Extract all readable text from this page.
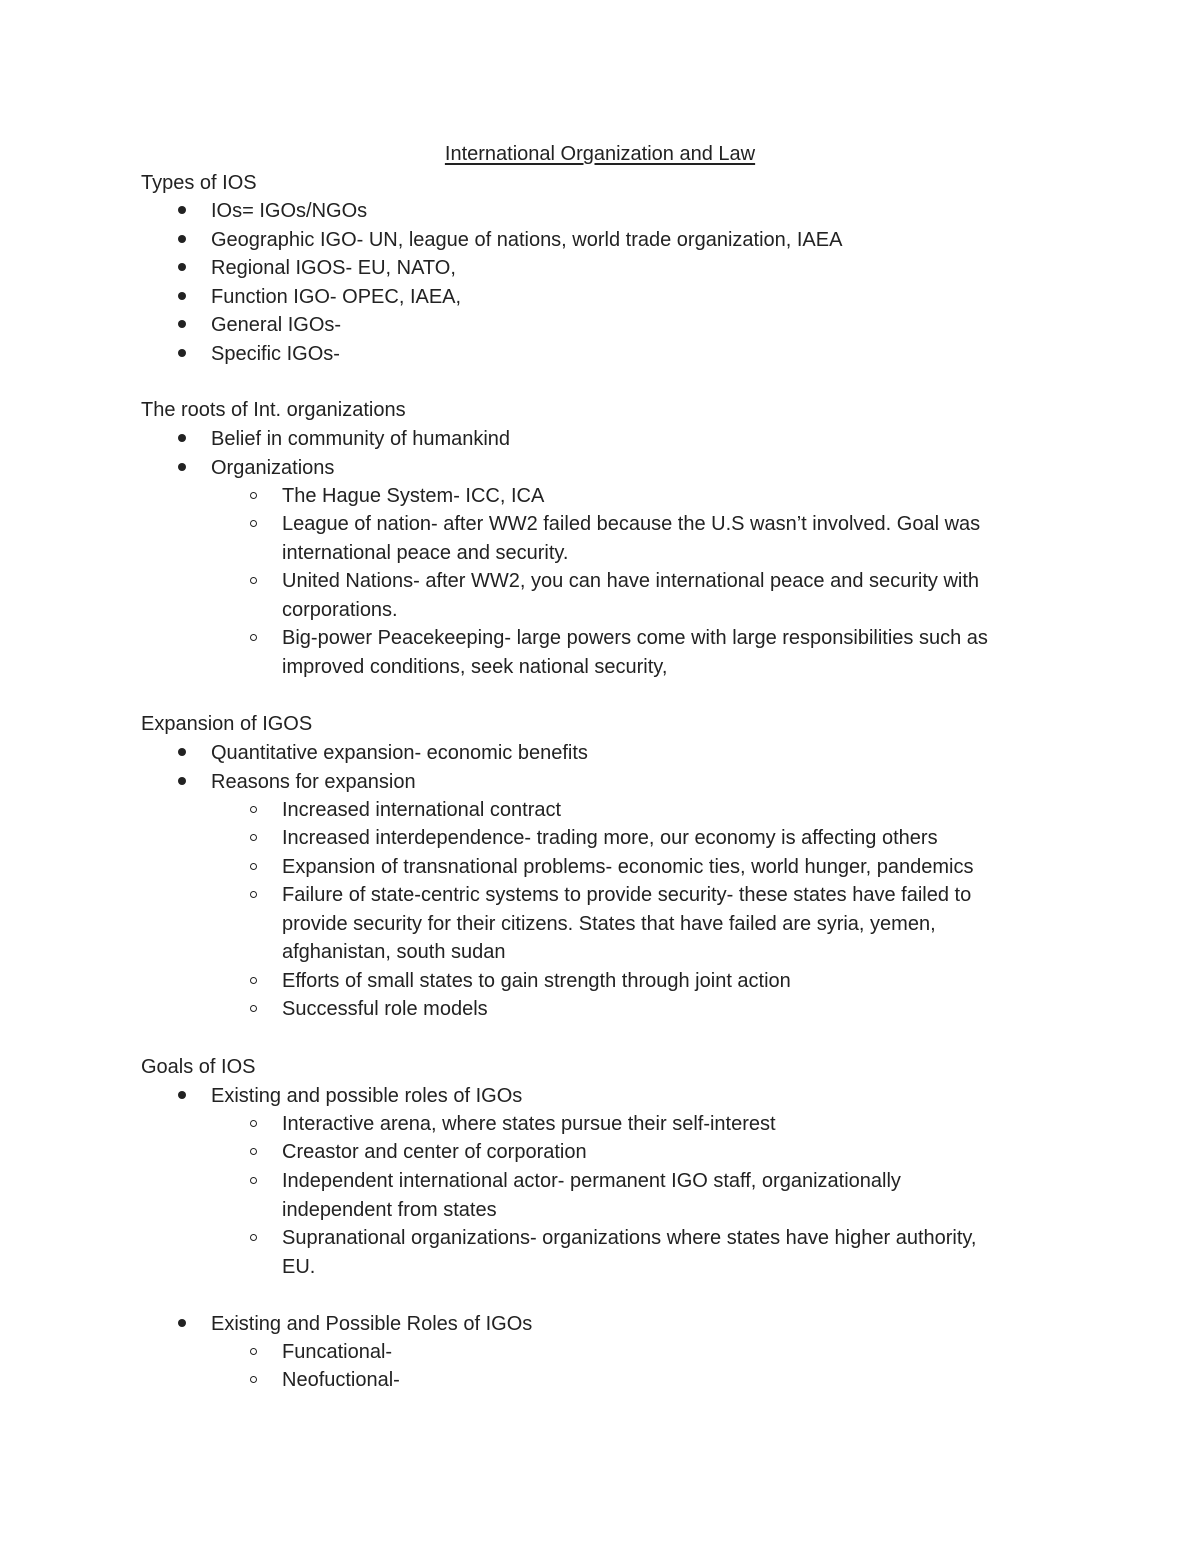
International Organization and Law
Types of IOS
IOs= IGOs/NGOs
Geographic IGO- UN, league of nations, world trade organization, IAEA
Regional IGOS- EU, NATO,
Function IGO- OPEC, IAEA,
General IGOs-
Specific IGOs-
The roots of Int. organizations
Belief in community of humankind
Organizations
The Hague System- ICC, ICA
League of nation- after WW2 failed because the U.S wasn’t involved. Goal was
international peace and security.
United Nations- after WW2, you can have international peace and security with
corporations.
Big-power Peacekeeping- large powers come with large responsibilities such as
improved conditions, seek national security,
Expansion of IGOS
Quantitative expansion- economic benefits
Reasons for expansion
Increased international contract
Increased interdependence- trading more, our economy is affecting others
Expansion of transnational problems- economic ties, world hunger, pandemics
Failure of state-centric systems to provide security- these states have failed to
provide security for their citizens. States that have failed are syria, yemen,
afghanistan, south sudan
Efforts of small states to gain strength through joint action
Successful role models
Goals of IOS
Existing and possible roles of IGOs
Interactive arena, where states pursue their self-interest
Creastor and center of corporation
Independent international actor- permanent IGO staff, organizationally
independent from states
Supranational organizations- organizations where states have higher authority,
EU.
Existing and Possible Roles of IGOs
Funcational-
Neofuctional-
